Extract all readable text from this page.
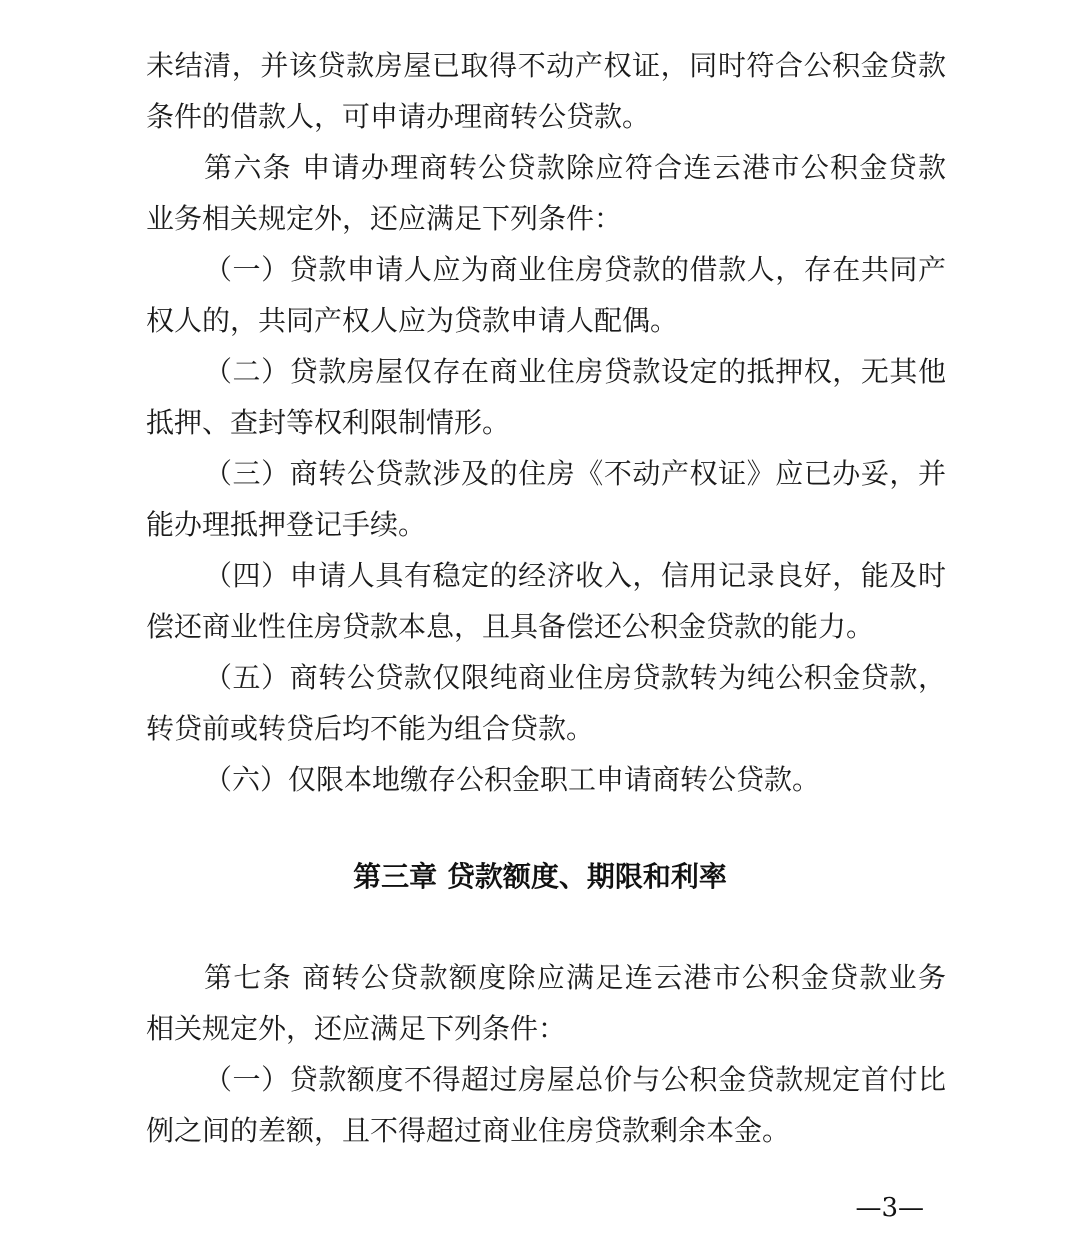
未结清，并该贷款房屋已取得不动产权证，同时符合公积金贷款
条件的借款人，可申请办理商转公贷款。
第六条 申请办理商转公贷款除应符合连云港市公积金贷款
业务相关规定外，还应满足下列条件：
（一）贷款申请人应为商业住房贷款的借款人，存在共同产
权人的，共同产权人应为贷款申请人配偶。
（二）贷款房屋仅存在商业住房贷款设定的抵押权，无其他
抵押、查封等权利限制情形。
（三）商转公贷款涉及的住房《不动产权证》应已办妥，并
能办理抵押登记手续。
（四）申请人具有稳定的经济收入，信用记录良好，能及时
偿还商业性住房贷款本息，且具备偿还公积金贷款的能力。
（五）商转公贷款仅限纯商业住房贷款转为纯公积金贷款，
转贷前或转贷后均不能为组合贷款。
（六）仅限本地缴存公积金职工申请商转公贷款。
第三章 贷款额度、期限和利率
第七条 商转公贷款额度除应满足连云港市公积金贷款业务
相关规定外，还应满足下列条件：
（一）贷款额度不得超过房屋总价与公积金贷款规定首付比
例之间的差额，且不得超过商业住房贷款剩余本金。
—3—
